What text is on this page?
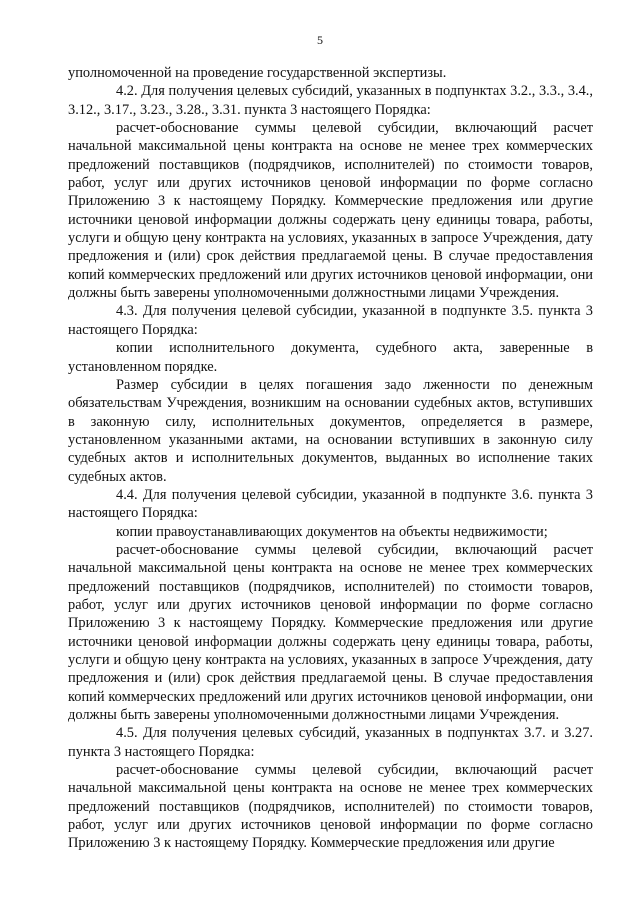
5

уполномоченной на проведение государственной экспертизы.

4.2. Для получения целевых субсидий, указанных в подпунктах 3.2., 3.3., 3.4., 3.12., 3.17., 3.23., 3.28., 3.31. пункта 3 настоящего Порядка:

расчет-обоснование суммы целевой субсидии, включающий расчет начальной максимальной цены контракта на основе не менее трех коммерческих предложений поставщиков (подрядчиков, исполнителей) по стоимости товаров, работ, услуг или других источников ценовой информации по форме согласно Приложению 3 к настоящему Порядку. Коммерческие предложения или другие источники ценовой информации должны содержать цену единицы товара, работы, услуги и общую цену контракта на условиях, указанных в запросе Учреждения, дату предложения и (или) срок действия предлагаемой цены. В случае предоставления копий коммерческих предложений или других источников ценовой информации, они должны быть заверены уполномоченными должностными лицами Учреждения.

4.3. Для получения целевой субсидии, указанной в подпункте 3.5. пункта 3 настоящего Порядка:

копии исполнительного документа, судебного акта, заверенные в установленном порядке.

Размер субсидии в целях погашения задо лженности по денежным обязательствам Учреждения, возникшим на основании судебных актов, вступивших в законную силу, исполнительных документов, определяется в размере, установленном указанными актами, на основании вступивших в законную силу судебных актов и исполнительных документов, выданных во исполнение таких судебных актов.

4.4. Для получения целевой субсидии, указанной в подпункте 3.6. пункта 3 настоящего Порядка:

копии правоустанавливающих документов на объекты недвижимости;

расчет-обоснование суммы целевой субсидии, включающий расчет начальной максимальной цены контракта на основе не менее трех коммерческих предложений поставщиков (подрядчиков, исполнителей) по стоимости товаров, работ, услуг или других источников ценовой информации по форме согласно Приложению 3 к настоящему Порядку. Коммерческие предложения или другие источники ценовой информации должны содержать цену единицы товара, работы, услуги и общую цену контракта на условиях, указанных в запросе Учреждения, дату предложения и (или) срок действия предлагаемой цены. В случае предоставления копий коммерческих предложений или других источников ценовой информации, они должны быть заверены уполномоченными должностными лицами Учреждения.

4.5. Для получения целевых субсидий, указанных в подпунктах 3.7. и 3.27. пункта 3 настоящего Порядка:

расчет-обоснование суммы целевой субсидии, включающий расчет начальной максимальной цены контракта на основе не менее трех коммерческих предложений поставщиков (подрядчиков, исполнителей) по стоимости товаров, работ, услуг или других источников ценовой информации по форме согласно Приложению 3 к настоящему Порядку. Коммерческие предложения или другие
